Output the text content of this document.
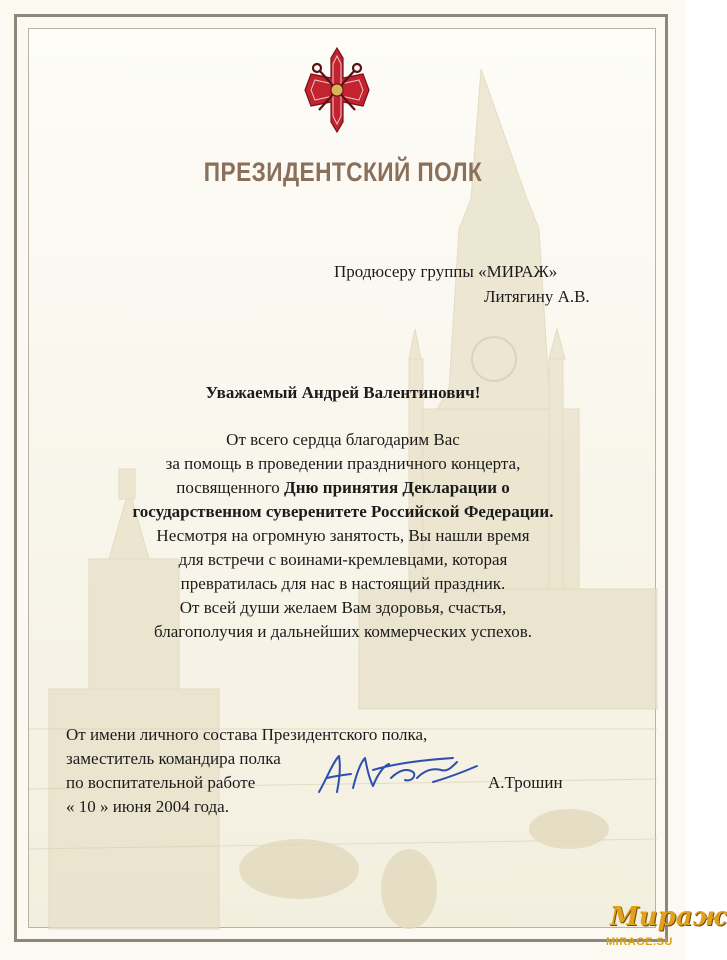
ПРЕЗИДЕНТСКИЙ ПОЛК
Продюсеру группы «МИРАЖ»
Литягину А.В.
Уважаемый Андрей Валентинович!
От всего сердца благодарим Вас
за помощь в проведении праздничного концерта,
посвященного Дню принятия Декларации о
государственном суверенитете Российской Федерации.
Несмотря на огромную занятость, Вы нашли время
для встречи с воинами-кремлевцами, которая
превратилась для нас в настоящий праздник.
От всей души желаем Вам здоровья, счастья,
благополучия и дальнейших коммерческих успехов.
От имени личного состава Президентского полка,
заместитель командира полка
по воспитательной работе
« 10 » июня 2004 года.
А.Трошин
Мираж
MIRAGE.SU
